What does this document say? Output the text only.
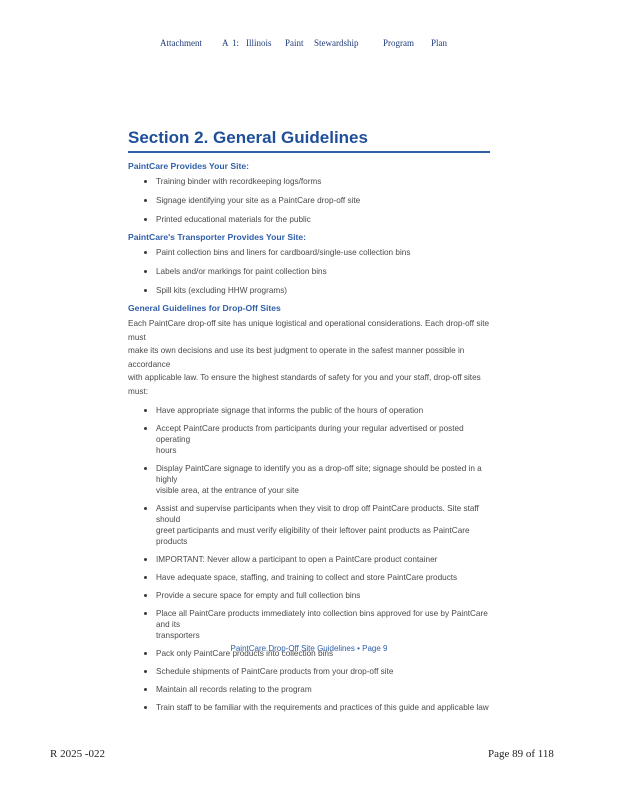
Attachment A 1: Illinois Paint Stewardship	Program Plan
Section 2. General Guidelines

PaintCare Provides Your Site:

Training binder with recordkeeping logs/forms
Signage identifying your site as a PaintCare drop-off site
Printed educational materials for the public

PaintCare's Transporter Provides Your Site:

Paint collection bins and liners for cardboard/single-use collection bins
Labels and/or markings for paint collection bins
Spill kits (excluding HHW programs)

General Guidelines for Drop-Off Sites

Each PaintCare drop-off site has unique logistical and operational considerations. Each drop-off site must

make its own decisions and use its best judgment to operate in the safest manner possible in accordance

with applicable law. To ensure the highest standards of safety for you and your staff, drop-off sites must:

Have appropriate signage that informs the public of the hours of operation
Accept PaintCare products from participants during your regular advertised or posted operating
hours
Display PaintCare signage to identify you as a drop-off site; signage should be posted in a highly
visible area, at the entrance of your site
Assist and supervise participants when they visit to drop off PaintCare products. Site staff should
greet participants and must verify eligibility of their leftover paint products as PaintCare products
IMPORTANT: Never allow a participant to open a PaintCare product container
Have adequate space, staffing, and training to collect and store PaintCare products
Provide a secure space for empty and full collection bins
Place all PaintCare products immediately into collection bins approved for use by PaintCare and its
transporters
Pack only PaintCare products into collection bins
Schedule shipments of PaintCare products from your drop-off site
Maintain all records relating to the program
Train staff to be familiar with the requirements and practices of this guide and applicable law
PaintCare Drop-Off Site Guidelines • Page 9
R 2025 -022	Page 89 of 118
